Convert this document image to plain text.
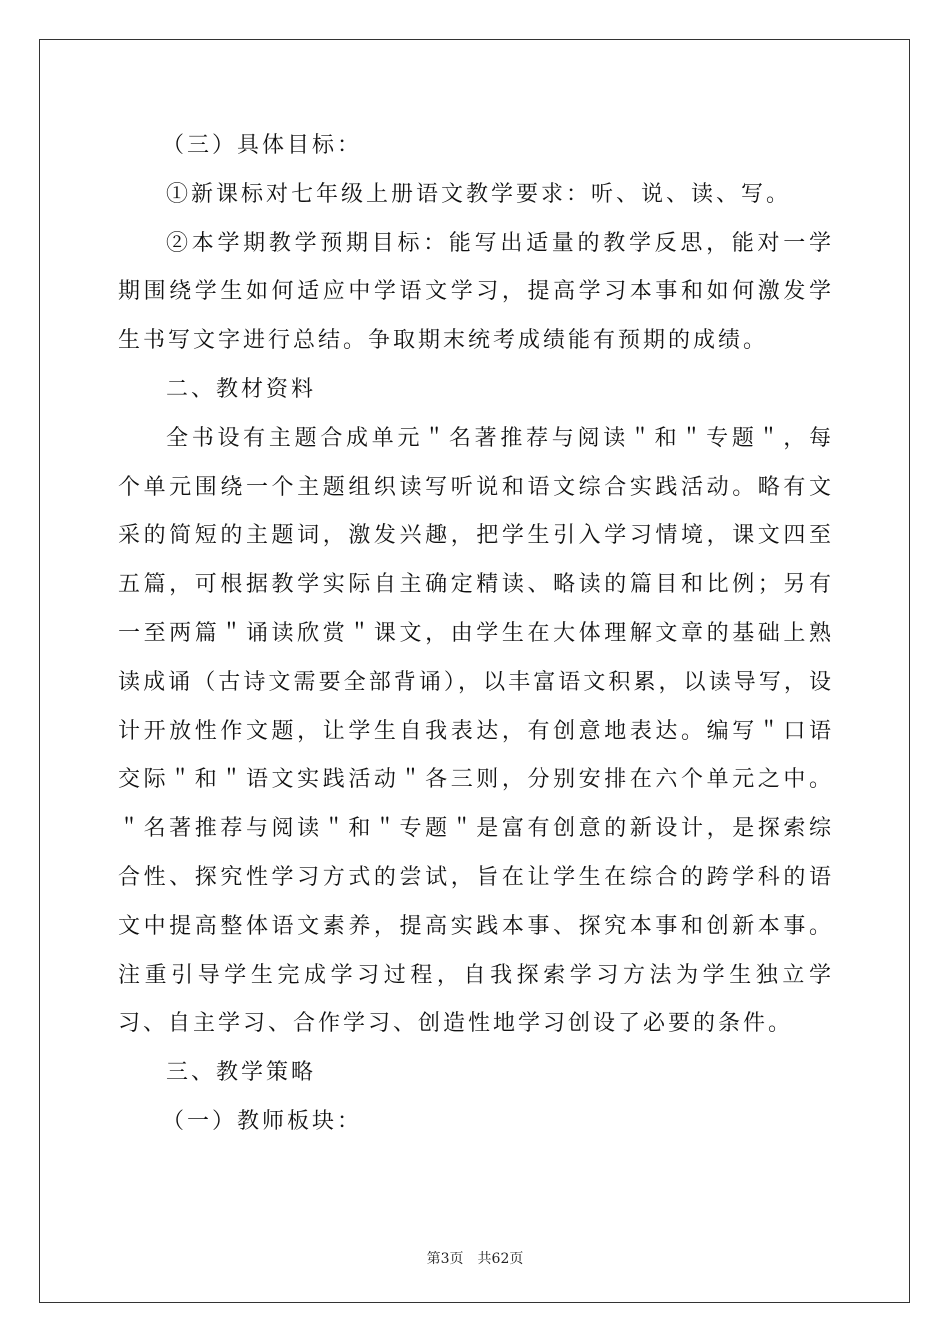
（三）具体目标：

①新课标对七年级上册语文教学要求：听、说、读、写。

②本学期教学预期目标：能写出适量的教学反思，能对一学期围绕学生如何适应中学语文学习，提高学习本事和如何激发学生书写文字进行总结。争取期末统考成绩能有预期的成绩。

二、教材资料

全书设有主题合成单元＂名著推荐与阅读＂和＂专题＂，每个单元围绕一个主题组织读写听说和语文综合实践活动。略有文采的简短的主题词，激发兴趣，把学生引入学习情境，课文四至五篇，可根据教学实际自主确定精读、略读的篇目和比例；另有一至两篇＂诵读欣赏＂课文，由学生在大体理解文章的基础上熟读成诵（古诗文需要全部背诵），以丰富语文积累，以读导写，设计开放性作文题，让学生自我表达，有创意地表达。编写＂口语交际＂和＂语文实践活动＂各三则，分别安排在六个单元之中。＂名著推荐与阅读＂和＂专题＂是富有创意的新设计，是探索综合性、探究性学习方式的尝试，旨在让学生在综合的跨学科的语文中提高整体语文素养，提高实践本事、探究本事和创新本事。注重引导学生完成学习过程，自我探索学习方法为学生独立学习、自主学习、合作学习、创造性地学习创设了必要的条件。

三、教学策略

（一）教师板块：

第3页 共62页
